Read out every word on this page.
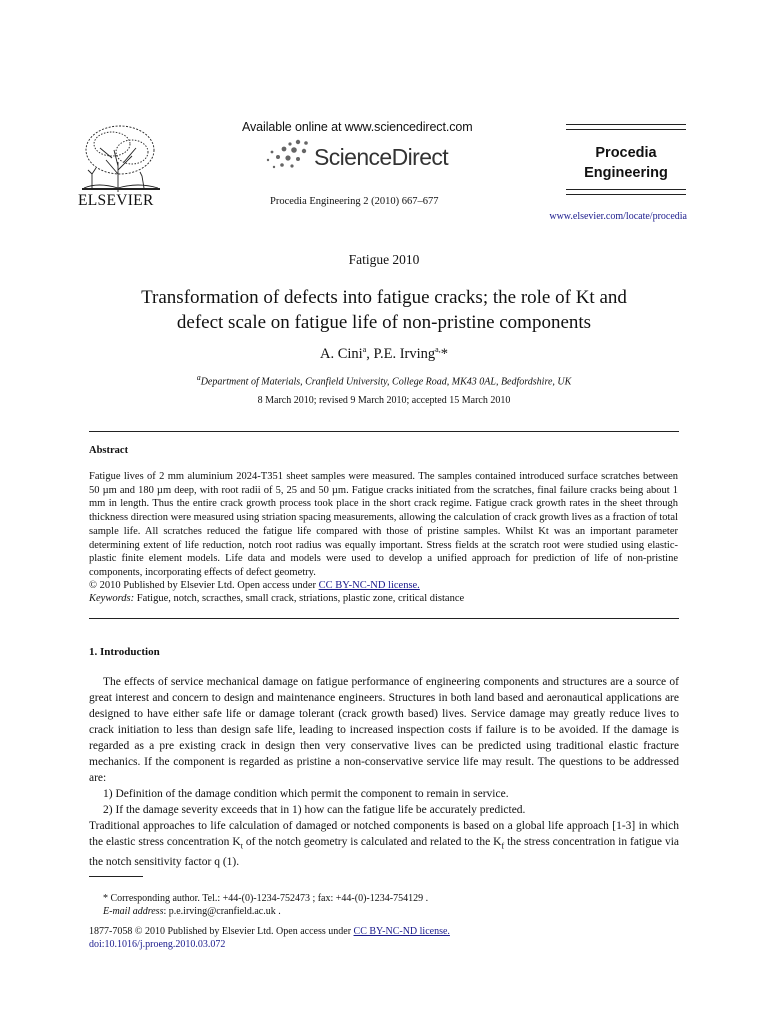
ELSEVIER
Available online at www.sciencedirect.com
ScienceDirect
Procedia Engineering 2 (2010) 667–677
Procedia
Engineering
www.elsevier.com/locate/procedia
Fatigue 2010
Transformation of defects into fatigue cracks; the role of Kt and
defect scale on fatigue life of non-pristine components
A. Cini$^a$, P.E. Irving$^{a,}$*
$^a$Department of Materials, Cranfield University, College Road, MK43 0AL, Bedfordshire, UK
8 March 2010; revised 9 March 2010; accepted 15 March 2010
Abstract
Fatigue lives of 2 mm aluminium 2024-T351 sheet samples were measured. The samples contained introduced surface scratches between 50 µm and 180 µm deep, with root radii of 5, 25 and 50 µm. Fatigue cracks initiated from the scratches, final failure cracks being about 1 mm in length. Thus the entire crack growth process took place in the short crack regime. Fatigue crack growth rates in the sheet through thickness direction were measured using striation spacing measurements, allowing the calculation of crack growth lives as a fraction of total sample life. All scratches reduced the fatigue life compared with those of pristine samples. Whilst Kt was an important parameter determining extent of life reduction, notch root radius was equally important. Stress fields at the scratch root were studied using elastic- plastic finite element models. Life data and models were used to develop a unified approach for prediction of life of non-pristine components, incorporating effects of defect geometry.
© 2010 Published by Elsevier Ltd. Open access under CC BY-NC-ND license.
Keywords: Fatigue, notch, scracthes, small crack, striations, plastic zone, critical distance
1. Introduction

The effects of service mechanical damage on fatigue performance of engineering components and structures are a source of great interest and concern to design and maintenance engineers. Structures in both land based and aeronautical applications are designed to have either safe life or damage tolerant (crack growth based) lives. Service damage may greatly reduce lives to crack initiation to less than design safe life, leading to increased inspection costs if failure is to be avoided. If the damage is regarded as a pre existing crack in design then very conservative lives can be predicted using traditional elastic fracture mechanics. If the component is regarded as pristine a non-conservative service life may result. The questions to be addressed are:

1) Definition of the damage condition which permit the component to remain in service.

2) If the damage severity exceeds that in 1) how can the fatigue life be accurately predicted.

Traditional approaches to life calculation of damaged or notched components is based on a global life approach [1-3] in which the elastic stress concentration $K_t$ of the notch geometry is calculated and related to the $K_f$ the stress concentration in fatigue via the notch sensitivity factor q (1).

* Corresponding author. Tel.: +44-(0)-1234-752473 ; fax: +44-(0)-1234-754129 .
E-mail address: p.e.irving@cranfield.ac.uk .
1877-7058 © 2010 Published by Elsevier Ltd. Open access under CC BY-NC-ND license.
doi:10.1016/j.proeng.2010.03.072
